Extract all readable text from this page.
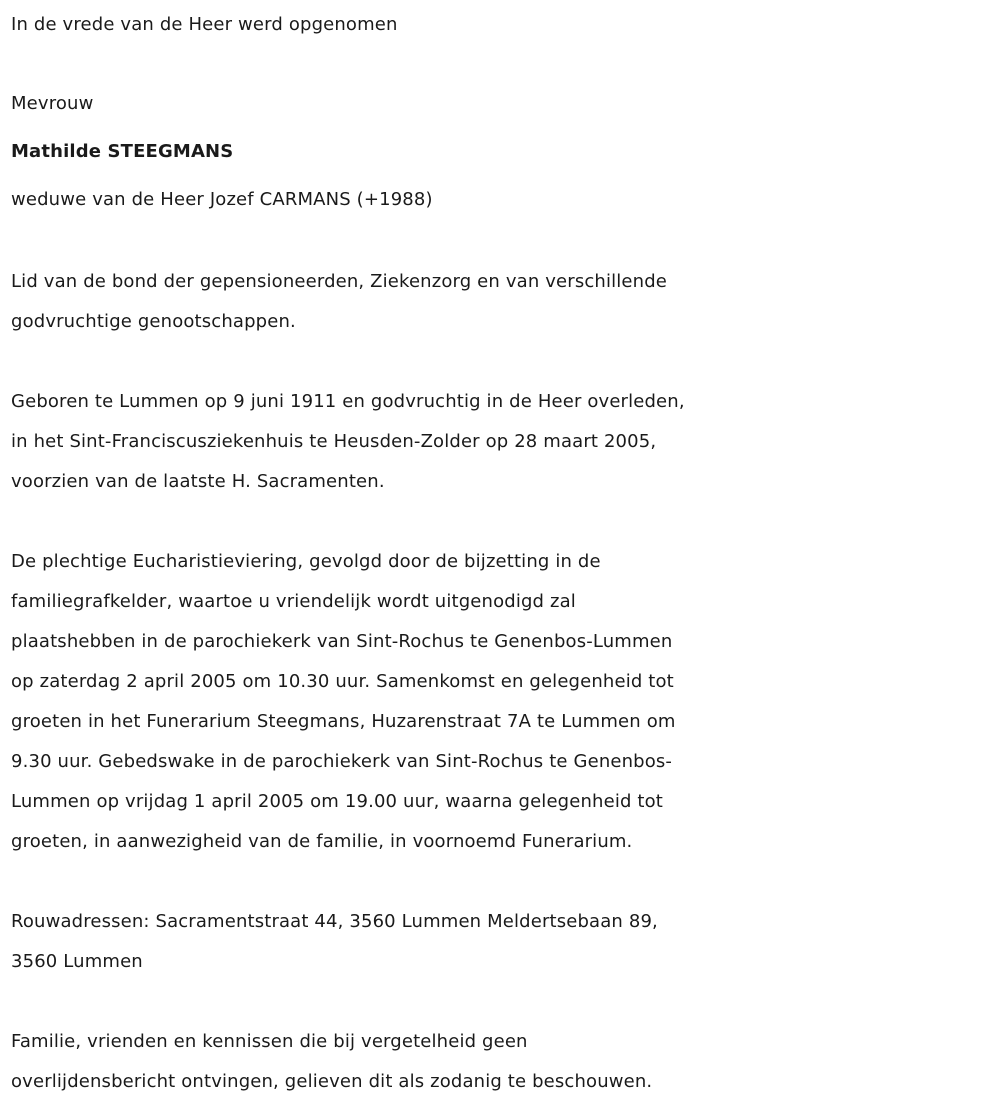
In de vrede van de Heer werd opgenomen

Mevrouw

Mathilde STEEGMANS

weduwe van de Heer Jozef CARMANS (+1988)

Lid van de bond der gepensioneerden, Ziekenzorg en van verschillende

godvruchtige genootschappen.

Geboren te Lummen op 9 juni 1911 en godvruchtig in de Heer overleden,

in het Sint-Franciscusziekenhuis te Heusden-Zolder op 28 maart 2005,

voorzien van de laatste H. Sacramenten.

De plechtige Eucharistieviering, gevolgd door de bijzetting in de

familiegrafkelder, waartoe u vriendelijk wordt uitgenodigd zal

plaatshebben in de parochiekerk van Sint-Rochus te Genenbos-Lummen

op zaterdag 2 april 2005 om 10.30 uur. Samenkomst en gelegenheid tot

groeten in het Funerarium Steegmans, Huzarenstraat 7A te Lummen om

9.30 uur. Gebedswake in de parochiekerk van Sint-Rochus te Genenbos-

Lummen op vrijdag 1 april 2005 om 19.00 uur, waarna gelegenheid tot

groeten, in aanwezigheid van de familie, in voornoemd Funerarium.

Rouwadressen: Sacramentstraat 44, 3560 Lummen Meldertsebaan 89,

3560 Lummen

Familie, vrienden en kennissen die bij vergetelheid geen

overlijdensbericht ontvingen, gelieven dit als zodanig te beschouwen.
